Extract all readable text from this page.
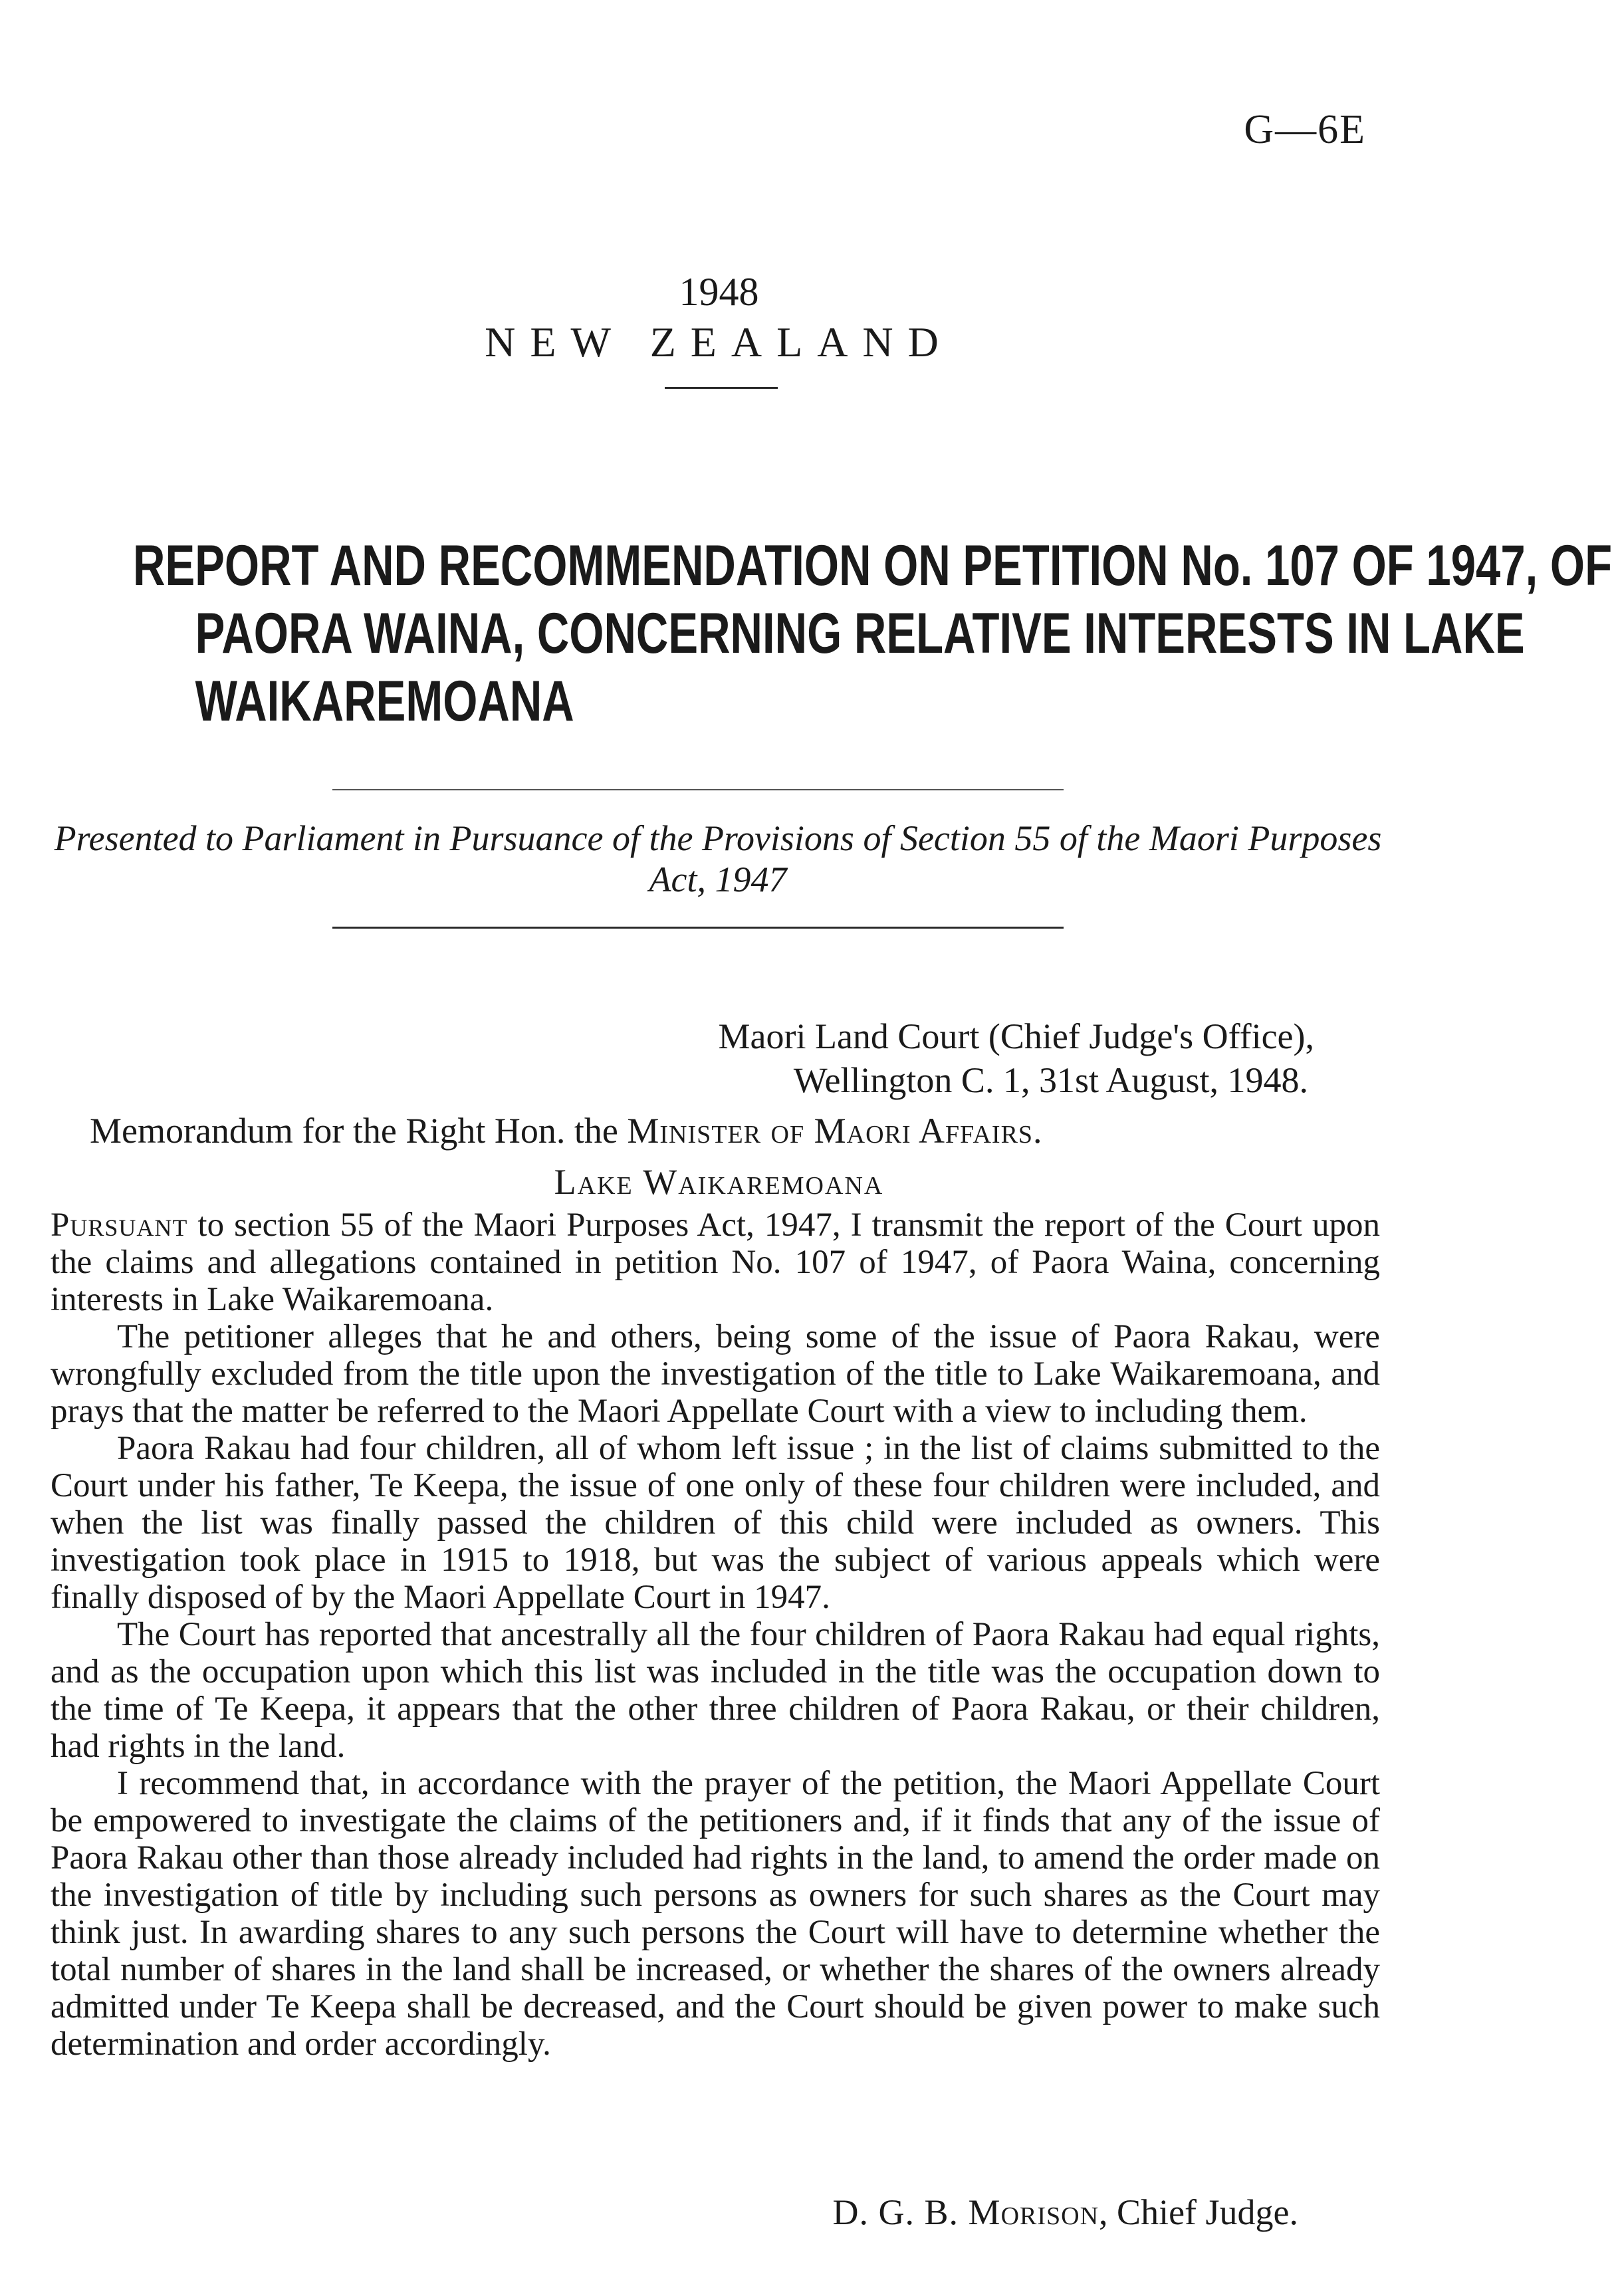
G—6E
1948
NEW ZEALAND
REPORT AND RECOMMENDATION ON PETITION No. 107 OF 1947, OF
PAORA WAINA, CONCERNING RELATIVE INTERESTS IN LAKE
WAIKAREMOANA
Presented to Parliament in Pursuance of the Provisions of Section 55 of the Maori Purposes
Act, 1947
Maori Land Court (Chief Judge's Office),
Wellington C. 1, 31st August, 1948.
Memorandum for the Right Hon. the Minister of Maori Affairs.
Lake Waikaremoana

Pursuant to section 55 of the Maori Purposes Act, 1947, I transmit the report of the Court upon the claims and allegations contained in petition No. 107 of 1947, of Paora Waina, concerning interests in Lake Waikaremoana.

The petitioner alleges that he and others, being some of the issue of Paora Rakau, were wrongfully excluded from the title upon the investigation of the title to Lake Waikaremoana, and prays that the matter be referred to the Maori Appellate Court with a view to including them.

Paora Rakau had four children, all of whom left issue ; in the list of claims submitted to the Court under his father, Te Keepa, the issue of one only of these four children were included, and when the list was finally passed the children of this child were included as owners. This investigation took place in 1915 to 1918, but was the subject of various appeals which were finally disposed of by the Maori Appellate Court in 1947.

The Court has reported that ancestrally all the four children of Paora Rakau had equal rights, and as the occupation upon which this list was included in the title was the occupation down to the time of Te Keepa, it appears that the other three children of Paora Rakau, or their children, had rights in the land.

I recommend that, in accordance with the prayer of the petition, the Maori Appellate Court be empowered to investigate the claims of the petitioners and, if it finds that any of the issue of Paora Rakau other than those already included had rights in the land, to amend the order made on the investigation of title by including such persons as owners for such shares as the Court may think just. In awarding shares to any such persons the Court will have to determine whether the total number of shares in the land shall be increased, or whether the shares of the owners already admitted under Te Keepa shall be decreased, and the Court should be given power to make such determination and order accordingly.

D. G. B. Morison, Chief Judge.
